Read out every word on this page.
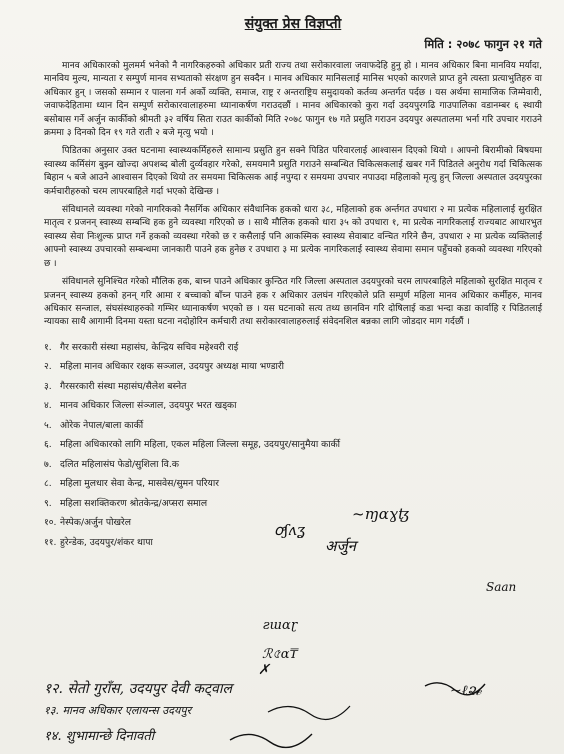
संयुक्त प्रेस विज्ञप्ती
मिति : २०७८ फागुन २१ गते
मानव अधिकारको मुलमर्म भनेको नै नागरिकहरुको अधिकार प्रती राज्य तथा सरोकारवाला जवाफदेहि हुनु हो । मानव अधिकार बिना मानविय मर्यादा, मानविय मुल्य, मान्यता र सम्पुर्ण मानव सभ्यताको संरक्षण हुन सक्दैन । मानव अधिकार मानिसलाई मानिस भएको कारणले प्राप्त हुने त्यस्ता प्रत्याभुतिहरु वा अधिकार हुन् । जसको सम्मान र पालना गर्न अर्को व्यक्ति, समाज, राष्ट्र र अन्तराष्ट्रिय समुदायको कर्तव्य अन्तर्गत पर्दछ । यस अर्थमा सामाजिक जिम्मेवारी, जवाफदेहितामा ध्यान दिन सम्पुर्ण सरोकारवालाहरुमा ध्यानाकर्षण गराउदछौं । मानव अधिकारको कुरा गर्दा उदयपुरगढि गाउपालिका वडानम्बर ६ स्थायी बसोबास गर्ने अर्जुन कार्कीको श्रीमती ३२ वर्षिय सिता राउत कार्कीको मिति २०७८ फागुन १७ गते प्रसुति गराउन उदयपुर अस्पतालमा भर्ना गरि उपचार गराउने क्रममा ३ दिनको दिन १९ गते राती २ बजे मृत्यु भयो ।
पिडितका अनुसार उक्त घटनामा स्वास्थ्यकर्मिहरुले सामान्य प्रसुति हुन सक्ने पिडित परिवारलाई आश्वासन दिएको थियो । आफ्नो बिरामीको बिषयमा स्वास्थ्य कर्मिसंग बुझ्न खोज्दा अपशब्द बोली दुर्व्यवहार गरेको, समयमानै प्रसुति गराउने सम्बन्धित चिकित्सकलाई खबर गर्ने पिडितले अनुरोध गर्दा चिकित्सक बिहान ५ बजे आउने आश्वासन दिएको थियो तर समयमा चिकित्सक आई नपुग्दा र समयमा उपचार नपाउदा महिलाको मृत्यु हुन् जिल्ला अस्पताल उदयपुरका कर्मचारीहरुको चरम लापरबाहिले गर्दा भएको देखिन्छ ।
संविधानले व्यवस्था गरेको नागरिकको नैसर्गिक अधिकार संवैधानिक हकको धारा ३८, महिलाको हक अर्न्तगत उपधारा २ मा प्रत्येक महिलालाई सुरक्षित मातृत्व र प्रजनन् स्वास्थ्य सम्बन्धि हक हुने व्यवस्था गरिएको छ । साथै मौलिक हकको धारा ३५ को उपधारा १, मा प्रत्येक नागरिकलाई राज्यबाट आधारभुत स्वास्थ्य सेवा निःशुल्क प्राप्त गर्ने हकको व्यवस्था गरेको छ र कसैलाई पनि आकस्मिक स्वास्थ्य सेवाबाट वन्चित गरिने छैन, उपधारा २ मा प्रत्येक व्यक्तिलाई आफ्नो स्वास्थ्य उपचारको सम्बन्धमा जानकारी पाउने हक हुनेछ र उपधारा ३ मा प्रत्येक नागरिकलाई स्वास्थ्य सेवामा समान पहुँचको हकको व्यवस्था गरिएको छ ।
संविधानले सुनिश्चित गरेको मौलिक हक, बाच्न पाउने अधिकार कुन्ठित गरि जिल्ला अस्पताल उदयपुरको चरम लापरबाहिले महिलाको सुरक्षित मातृत्व र प्रजनन् स्वास्थ्य हकको हनन् गरि आमा र बच्चाको बाँच्न पाउने हक र अधिकार उलघंन गरिएकोले प्रति सम्पुर्ण महिला मानव अधिकार कर्मीहरु, मानव अधिकार सन्जाल, संघसंस्थाहरुको गम्भिर ध्यानाकर्षण भएको छ । यस घटनाको सत्य तथ्य छानविन गरि दोषिलाई कडा भन्दा कडा कार्वाहि र पिडितलाई न्यायका साथै आगामी दिनमा यस्ता घटना नदोहोरिन कर्मचारी तथा सरोकारवालाहरुलाई संवेदनशिल बन्नका लागि जोडदार माग गर्दछौं ।
१. गैर सरकारी संस्था महासंघ, केन्द्रिय सचिव महेश्वरी राई
२. महिला मानव अधिकार रक्षक सञ्जाल, उदयपुर अध्यक्ष माया भण्डारी
३. गैरसरकारी संस्था महासंघ/सैलेश बस्नेत
४. मानव अधिकार जिल्ला संञ्जाल, उदयपुर भरत खड्का
५. ओरेक नेपाल/बाला कार्की
६. महिला अधिकारको लागि महिला, एकल महिला जिल्ला समूह, उदयपुर/सानुमैया कार्की
७. दलित महिलासंघ फेडो/सुशिला वि.क
८. महिला मुलधार सेवा केन्द्र, मासवेस/सुमन परियार
९. महिला सशक्तिकरण श्रोतकेन्द्र/अप्सरा समाल
१०. नेस्पेक/अर्जुन पोखरेल
११. हुरेन्डेक, उदयपुर/शंकर थापा
१२. सेतो गुराँस, उदयपुर देवी कट्वाल
१३. मानव अधिकार एलायन्स उदयपुर
१४. शुभामान्छे दिनावती
~ɱɑɣꜩ
ꝍʃʌʓ
अर्जुन
Saan
ƨɯɑɽ
ℛ৫ɑ₸
✗
~ℓ૨ℯ
